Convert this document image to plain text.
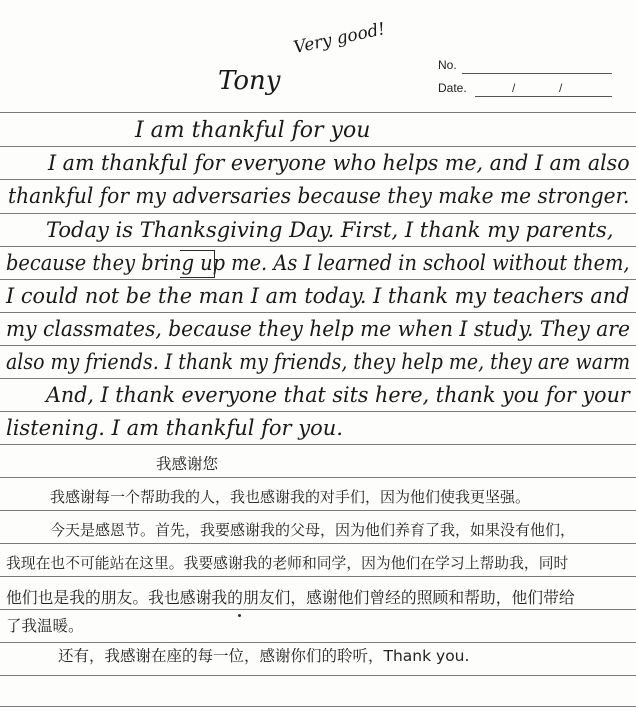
Tony
Very good!
No.
Date.	/	/
I am thankful for you
I am thankful for everyone who helps me, and I am also
thankful for my adversaries because they make me stronger.
Today is Thanksgiving Day. First, I thank my parents,
because they bring up me. As I learned in school without them,
I could not be the man I am today. I thank my teachers and
my classmates, because they help me when I study. They are
also my friends. I thank my friends, they help me, they are warm
And, I thank everyone that sits here, thank you for your
listening. I am thankful for you.
我感谢您
我感谢每一个帮助我的人，我也感谢我的对手们，因为他们使我更坚强。
今天是感恩节。首先，我要感谢我的父母，因为他们养育了我，如果没有他们，
我现在也不可能站在这里。我要感谢我的老师和同学，因为他们在学习上帮助我，同时
他们也是我的朋友。我也感谢我的朋友们，感谢他们曾经的照顾和帮助，他们带给
了我温暖。
还有，我感谢在座的每一位，感谢你们的聆听，Thank you.
